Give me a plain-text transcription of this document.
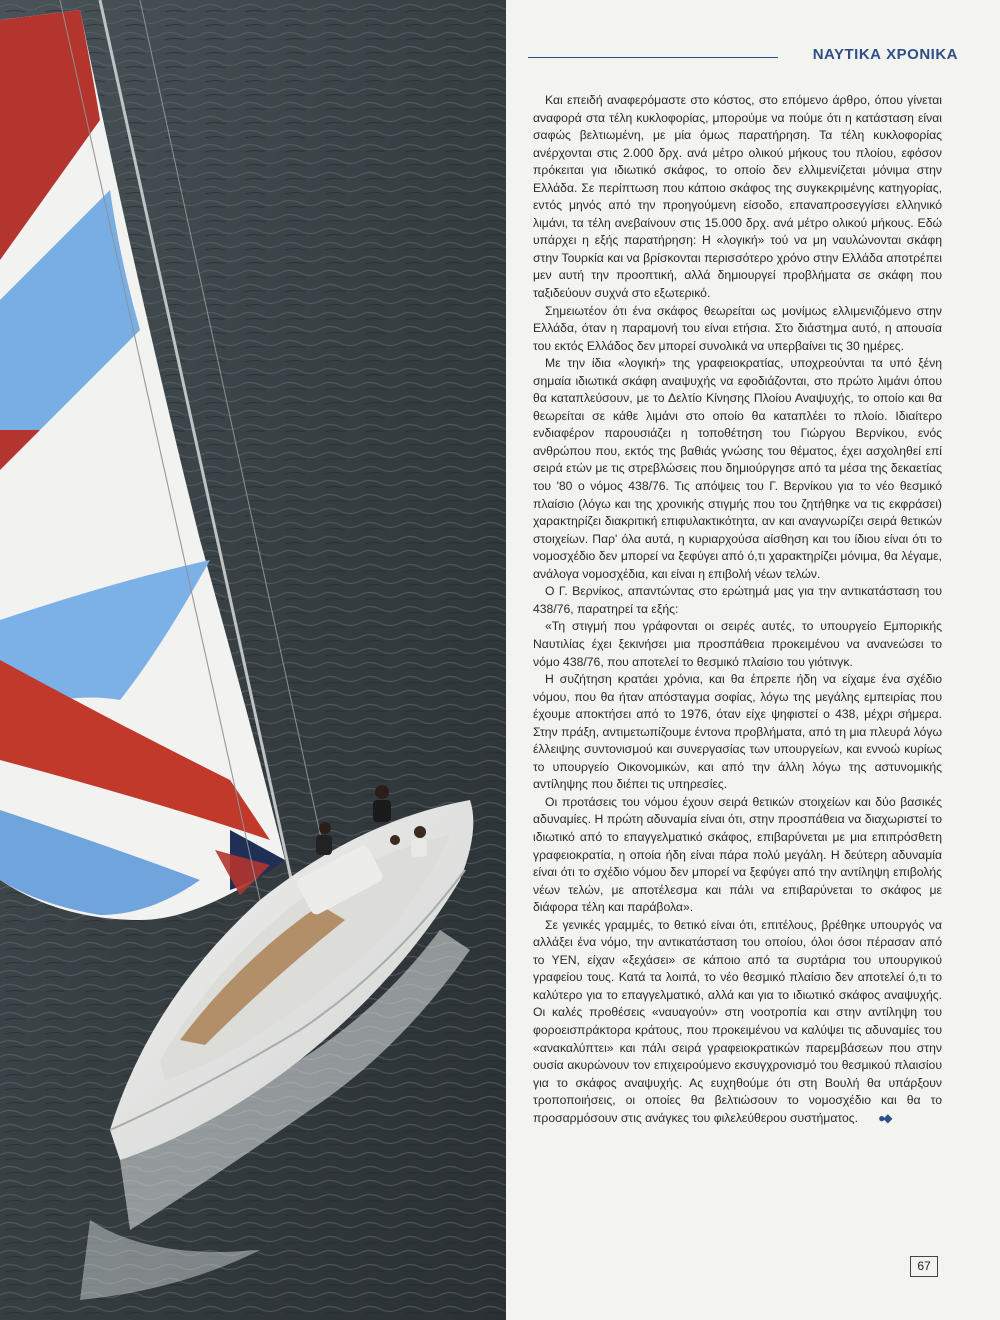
ΝΑΥΤΙΚΑ ΧΡΟΝΙΚΑ

Και επειδή αναφερόμαστε στο κόστος, στο επόμενο άρθρο, όπου γίνεται αναφορά στα τέλη κυκλοφορίας, μπορούμε να πούμε ότι η κατάσταση είναι σαφώς βελτιωμένη, με μία όμως παρατήρηση. Τα τέλη κυκλοφορίας ανέρχονται στις 2.000 δρχ. ανά μέτρο ολικού μήκους του πλοίου, εφόσον πρόκειται για ιδιωτικό σκάφος, το οποίο δεν ελλιμενίζεται μόνιμα στην Ελλάδα. Σε περίπτωση που κάποιο σκάφος της συγκεκριμένης κατηγορίας, εντός μηνός από την προηγούμενη είσοδο, επαναπροσεγγίσει ελληνικό λιμάνι, τα τέλη ανεβαίνουν στις 15.000 δρχ. ανά μέτρο ολικού μήκους. Εδώ υπάρχει η εξής παρατήρηση: Η «λογική» τού να μη ναυλώνονται σκάφη στην Τουρκία και να βρίσκονται περισσότερο χρόνο στην Ελλάδα αποτρέπει μεν αυτή την προοπτική, αλλά δημιουργεί προβλήματα σε σκάφη που ταξιδεύουν συχνά στο εξωτερικό.

Σημειωτέον ότι ένα σκάφος θεωρείται ως μονίμως ελλιμενιζόμενο στην Ελλάδα, όταν η παραμονή του είναι ετήσια. Στο διάστημα αυτό, η απουσία του εκτός Ελλάδος δεν μπορεί συνολικά να υπερβαίνει τις 30 ημέρες.

Με την ίδια «λογική» της γραφειοκρατίας, υποχρεούνται τα υπό ξένη σημαία ιδιωτικά σκάφη αναψυχής να εφοδιάζονται, στο πρώτο λιμάνι όπου θα καταπλεύσουν, με το Δελτίο Κίνησης Πλοίου Αναψυχής, το οποίο και θα θεωρείται σε κάθε λιμάνι στο οποίο θα καταπλέει το πλοίο. Ιδιαίτερο ενδιαφέρον παρουσιάζει η τοποθέτηση του Γιώργου Βερνίκου, ενός ανθρώπου που, εκτός της βαθιάς γνώσης του θέματος, έχει ασχοληθεί επί σειρά ετών με τις στρεβλώσεις που δημιούργησε από τα μέσα της δεκαετίας του '80 ο νόμος 438/76. Τις απόψεις του Γ. Βερνίκου για το νέο θεσμικό πλαίσιο (λόγω και της χρονικής στιγμής που του ζητήθηκε να τις εκφράσει) χαρακτηρίζει διακριτική επιφυλακτικότητα, αν και αναγνωρίζει σειρά θετικών στοιχείων. Παρ' όλα αυτά, η κυριαρχούσα αίσθηση και του ίδιου είναι ότι το νομοσχέδιο δεν μπορεί να ξεφύγει από ό,τι χαρακτηρίζει μόνιμα, θα λέγαμε, ανάλογα νομοσχέδια, και είναι η επιβολή νέων τελών.

Ο Γ. Βερνίκος, απαντώντας στο ερώτημά μας για την αντικατάσταση του 438/76, παρατηρεί τα εξής:

«Τη στιγμή που γράφονται οι σειρές αυτές, το υπουργείο Εμπορικής Ναυτιλίας έχει ξεκινήσει μια προσπάθεια προκειμένου να ανανεώσει το νόμο 438/76, που αποτελεί το θεσμικό πλαίσιο του γιότινγκ.

Η συζήτηση κρατάει χρόνια, και θα έπρεπε ήδη να είχαμε ένα σχέδιο νόμου, που θα ήταν απόσταγμα σοφίας, λόγω της μεγάλης εμπειρίας που έχουμε αποκτήσει από το 1976, όταν είχε ψηφιστεί ο 438, μέχρι σήμερα. Στην πράξη, αντιμετωπίζουμε έντονα προβλήματα, από τη μια πλευρά λόγω έλλειψης συντονισμού και συνεργασίας των υπουργείων, και εννοώ κυρίως το υπουργείο Οικονομικών, και από την άλλη λόγω της αστυνομικής αντίληψης που διέπει τις υπηρεσίες.

Οι προτάσεις του νόμου έχουν σειρά θετικών στοιχείων και δύο βασικές αδυναμίες. Η πρώτη αδυναμία είναι ότι, στην προσπάθεια να διαχωριστεί το ιδιωτικό από το επαγγελματικό σκάφος, επιβαρύνεται με μια επιπρόσθετη γραφειοκρατία, η οποία ήδη είναι πάρα πολύ μεγάλη. Η δεύτερη αδυναμία είναι ότι το σχέδιο νόμου δεν μπορεί να ξεφύγει από την αντίληψη επιβολής νέων τελών, με αποτέλεσμα και πάλι να επιβαρύνεται το σκάφος με διάφορα τέλη και παράβολα».

Σε γενικές γραμμές, το θετικό είναι ότι, επιτέλους, βρέθηκε υπουργός να αλλάξει ένα νόμο, την αντικατάσταση του οποίου, όλοι όσοι πέρασαν από το ΥΕΝ, είχαν «ξεχάσει» σε κάποιο από τα συρτάρια του υπουργικού γραφείου τους. Κατά τα λοιπά, το νέο θεσμικό πλαίσιο δεν αποτελεί ό,τι το καλύτερο για το επαγγελματικό, αλλά και για το ιδιωτικό σκάφος αναψυχής. Οι καλές προθέσεις «ναυαγούν» στη νοοτροπία και στην αντίληψη του φοροεισπράκτορα κράτους, που προκειμένου να καλύψει τις αδυναμίες του «ανακαλύπτει» και πάλι σειρά γραφειοκρατικών παρεμβάσεων που στην ουσία ακυρώνουν τον επιχειρούμενο εκσυγχρονισμό του θεσμικού πλαισίου για το σκάφος αναψυχής. Ας ευχηθούμε ότι στη Βουλή θα υπάρξουν τροποποιήσεις, οι οποίες θα βελτιώσουν το νομοσχέδιο και θα το προσαρμόσουν στις ανάγκες του φιλελεύθερου συστήματος. ●◆

67
